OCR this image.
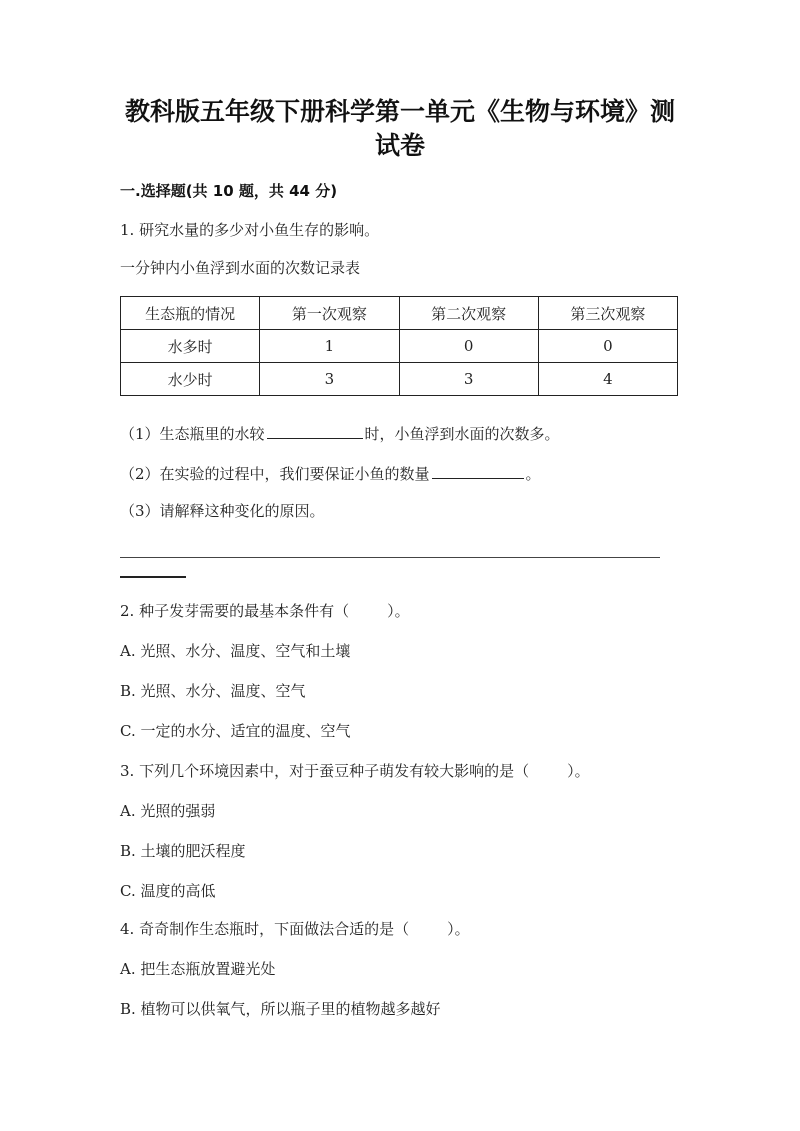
教科版五年级下册科学第一单元《生物与环境》测
试卷
一.选择题(共 10 题，共 44 分)
1. 研究水量的多少对小鱼生存的影响。
一分钟内小鱼浮到水面的次数记录表
生态瓶的情况	第一次观察	第二次观察	第三次观察
水多时	1	0	0
水少时	3	3	4
（1）生态瓶里的水较	时，小鱼浮到水面的次数多。
（2）在实验的过程中，我们要保证小鱼的数量	。
（3）请解释这种变化的原因。
2. 种子发芽需要的最基本条件有（	）。
A. 光照、水分、温度、空气和土壤
B. 光照、水分、温度、空气
C. 一定的水分、适宜的温度、空气
3. 下列几个环境因素中，对于蚕豆种子萌发有较大影响的是（	）。
A. 光照的强弱
B. 土壤的肥沃程度
C. 温度的高低
4. 奇奇制作生态瓶时，下面做法合适的是（	）。
A. 把生态瓶放置避光处
B. 植物可以供氧气，所以瓶子里的植物越多越好
